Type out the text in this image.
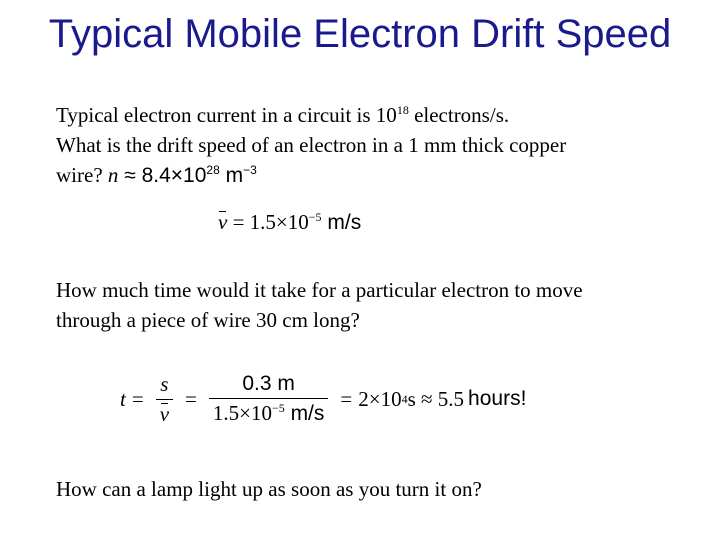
Typical Mobile Electron Drift Speed
Typical electron current in a circuit is $10^{18}$ electrons/s.
What is the drift speed of an electron in a 1 mm thick copper
wire? $n \approx 8.4\times 10^{28}$ $m^{-3}$
$v = 1.5\times 10^{-5}$ m/s
How much time would it take for a particular electron to move
through a piece of wire 30 cm long?
$t = \frac{s}{v} = \frac{0.3 m}{1.5\times 10^{-5} m/s} = 2\times 10$ 4 s ≈ 5.5 hours!
How can a lamp light up as soon as you turn it on?
